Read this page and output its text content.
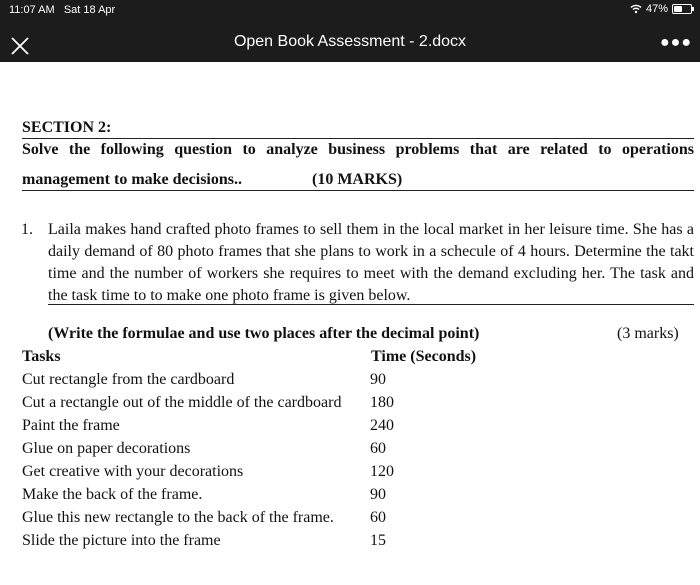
11:07 AM Sat 18 Apr	47%
Open Book Assessment - 2.docx	●●●
SECTION 2:
Solve the following question to analyze business problems that are related to operations
management to make decisions..	(10 MARKS)
1. Laila makes hand crafted photo frames to sell them in the local market in her leisure time. She has a daily demand of 80 photo frames that she plans to work in a schecule of 4 hours. Determine the takt time and the number of workers she requires to meet with the demand excluding her. The task and the task time to to make one photo frame is given below.
(Write the formulae and use two places after the decimal point)	(3 marks)
Tasks	Time (Seconds)
Cut rectangle from the cardboard	90
Cut a rectangle out of the middle of the cardboard 180
Paint the frame	240
Glue on paper decorations	60
Get creative with your decorations	120
Make the back of the frame.	90
Glue this new rectangle to the back of the frame. 60
Slide the picture into the frame	15
